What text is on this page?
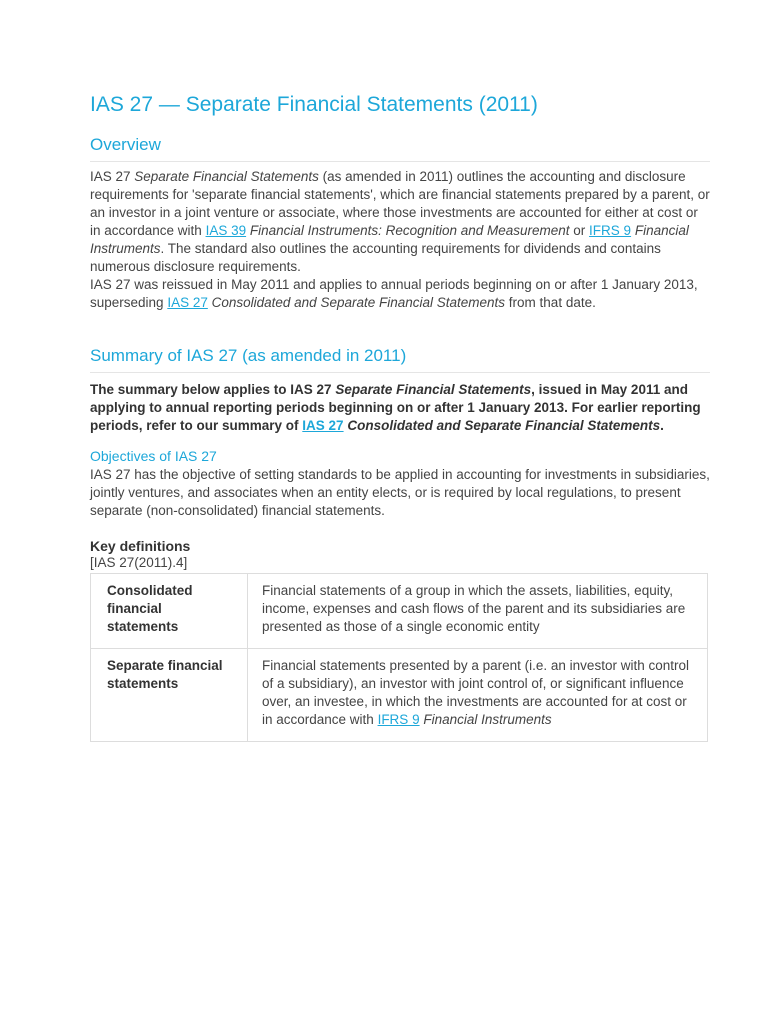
IAS 27 — Separate Financial Statements (2011)
Overview

IAS 27 Separate Financial Statements (as amended in 2011) outlines the accounting and disclosure requirements for 'separate financial statements', which are financial statements prepared by a parent, or an investor in a joint venture or associate, where those investments are accounted for either at cost or in accordance with IAS 39 Financial Instruments: Recognition and Measurement or IFRS 9 Financial Instruments. The standard also outlines the accounting requirements for dividends and contains numerous disclosure requirements.

IAS 27 was reissued in May 2011 and applies to annual periods beginning on or after 1 January 2013, superseding IAS 27 Consolidated and Separate Financial Statements from that date.

Summary of IAS 27 (as amended in 2011)

The summary below applies to IAS 27 Separate Financial Statements, issued in May 2011 and applying to annual reporting periods beginning on or after 1 January 2013. For earlier reporting periods, refer to our summary of IAS 27 Consolidated and Separate Financial Statements.

Objectives of IAS 27

IAS 27 has the objective of setting standards to be applied in accounting for investments in subsidiaries, jointly ventures, and associates when an entity elects, or is required by local regulations, to present separate (non-consolidated) financial statements.

Key definitions
[IAS 27(2011).4]
Consolidated financial statements	Financial statements of a group in which the assets, liabilities, equity, income, expenses and cash flows of the parent and its subsidiaries are presented as those of a single economic entity
Separate financial statements	Financial statements presented by a parent (i.e. an investor with control of a subsidiary), an investor with joint control of, or significant influence over, an investee, in which the investments are accounted for at cost or in accordance with IFRS 9 Financial Instruments
